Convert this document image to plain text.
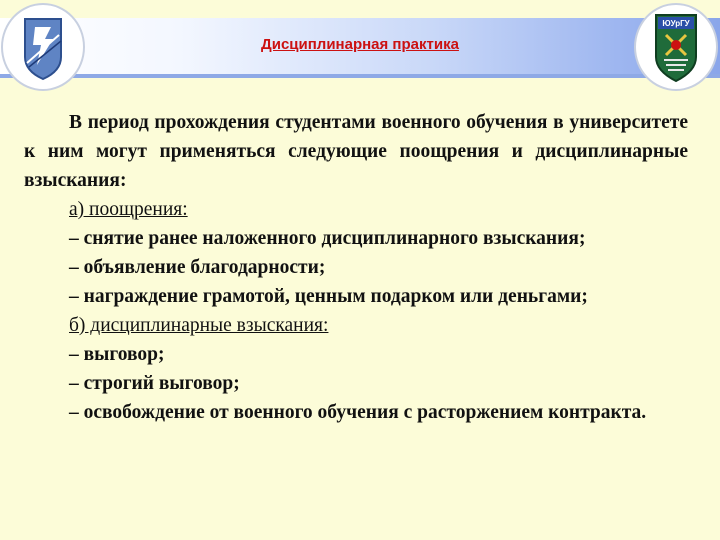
Дисциплинарная практика
ЮУрГУ

В период прохождения студентами военного обучения в университете к ним могут применяться следующие поощрения и дисциплинарные взыскания:

а) поощрения:

– снятие ранее наложенного дисциплинарного взыскания;

– объявление благодарности;

– награждение грамотой, ценным подарком или деньгами;

б) дисциплинарные взыскания:

– выговор;

– строгий выговор;

– освобождение от военного обучения с расторжением контракта.
